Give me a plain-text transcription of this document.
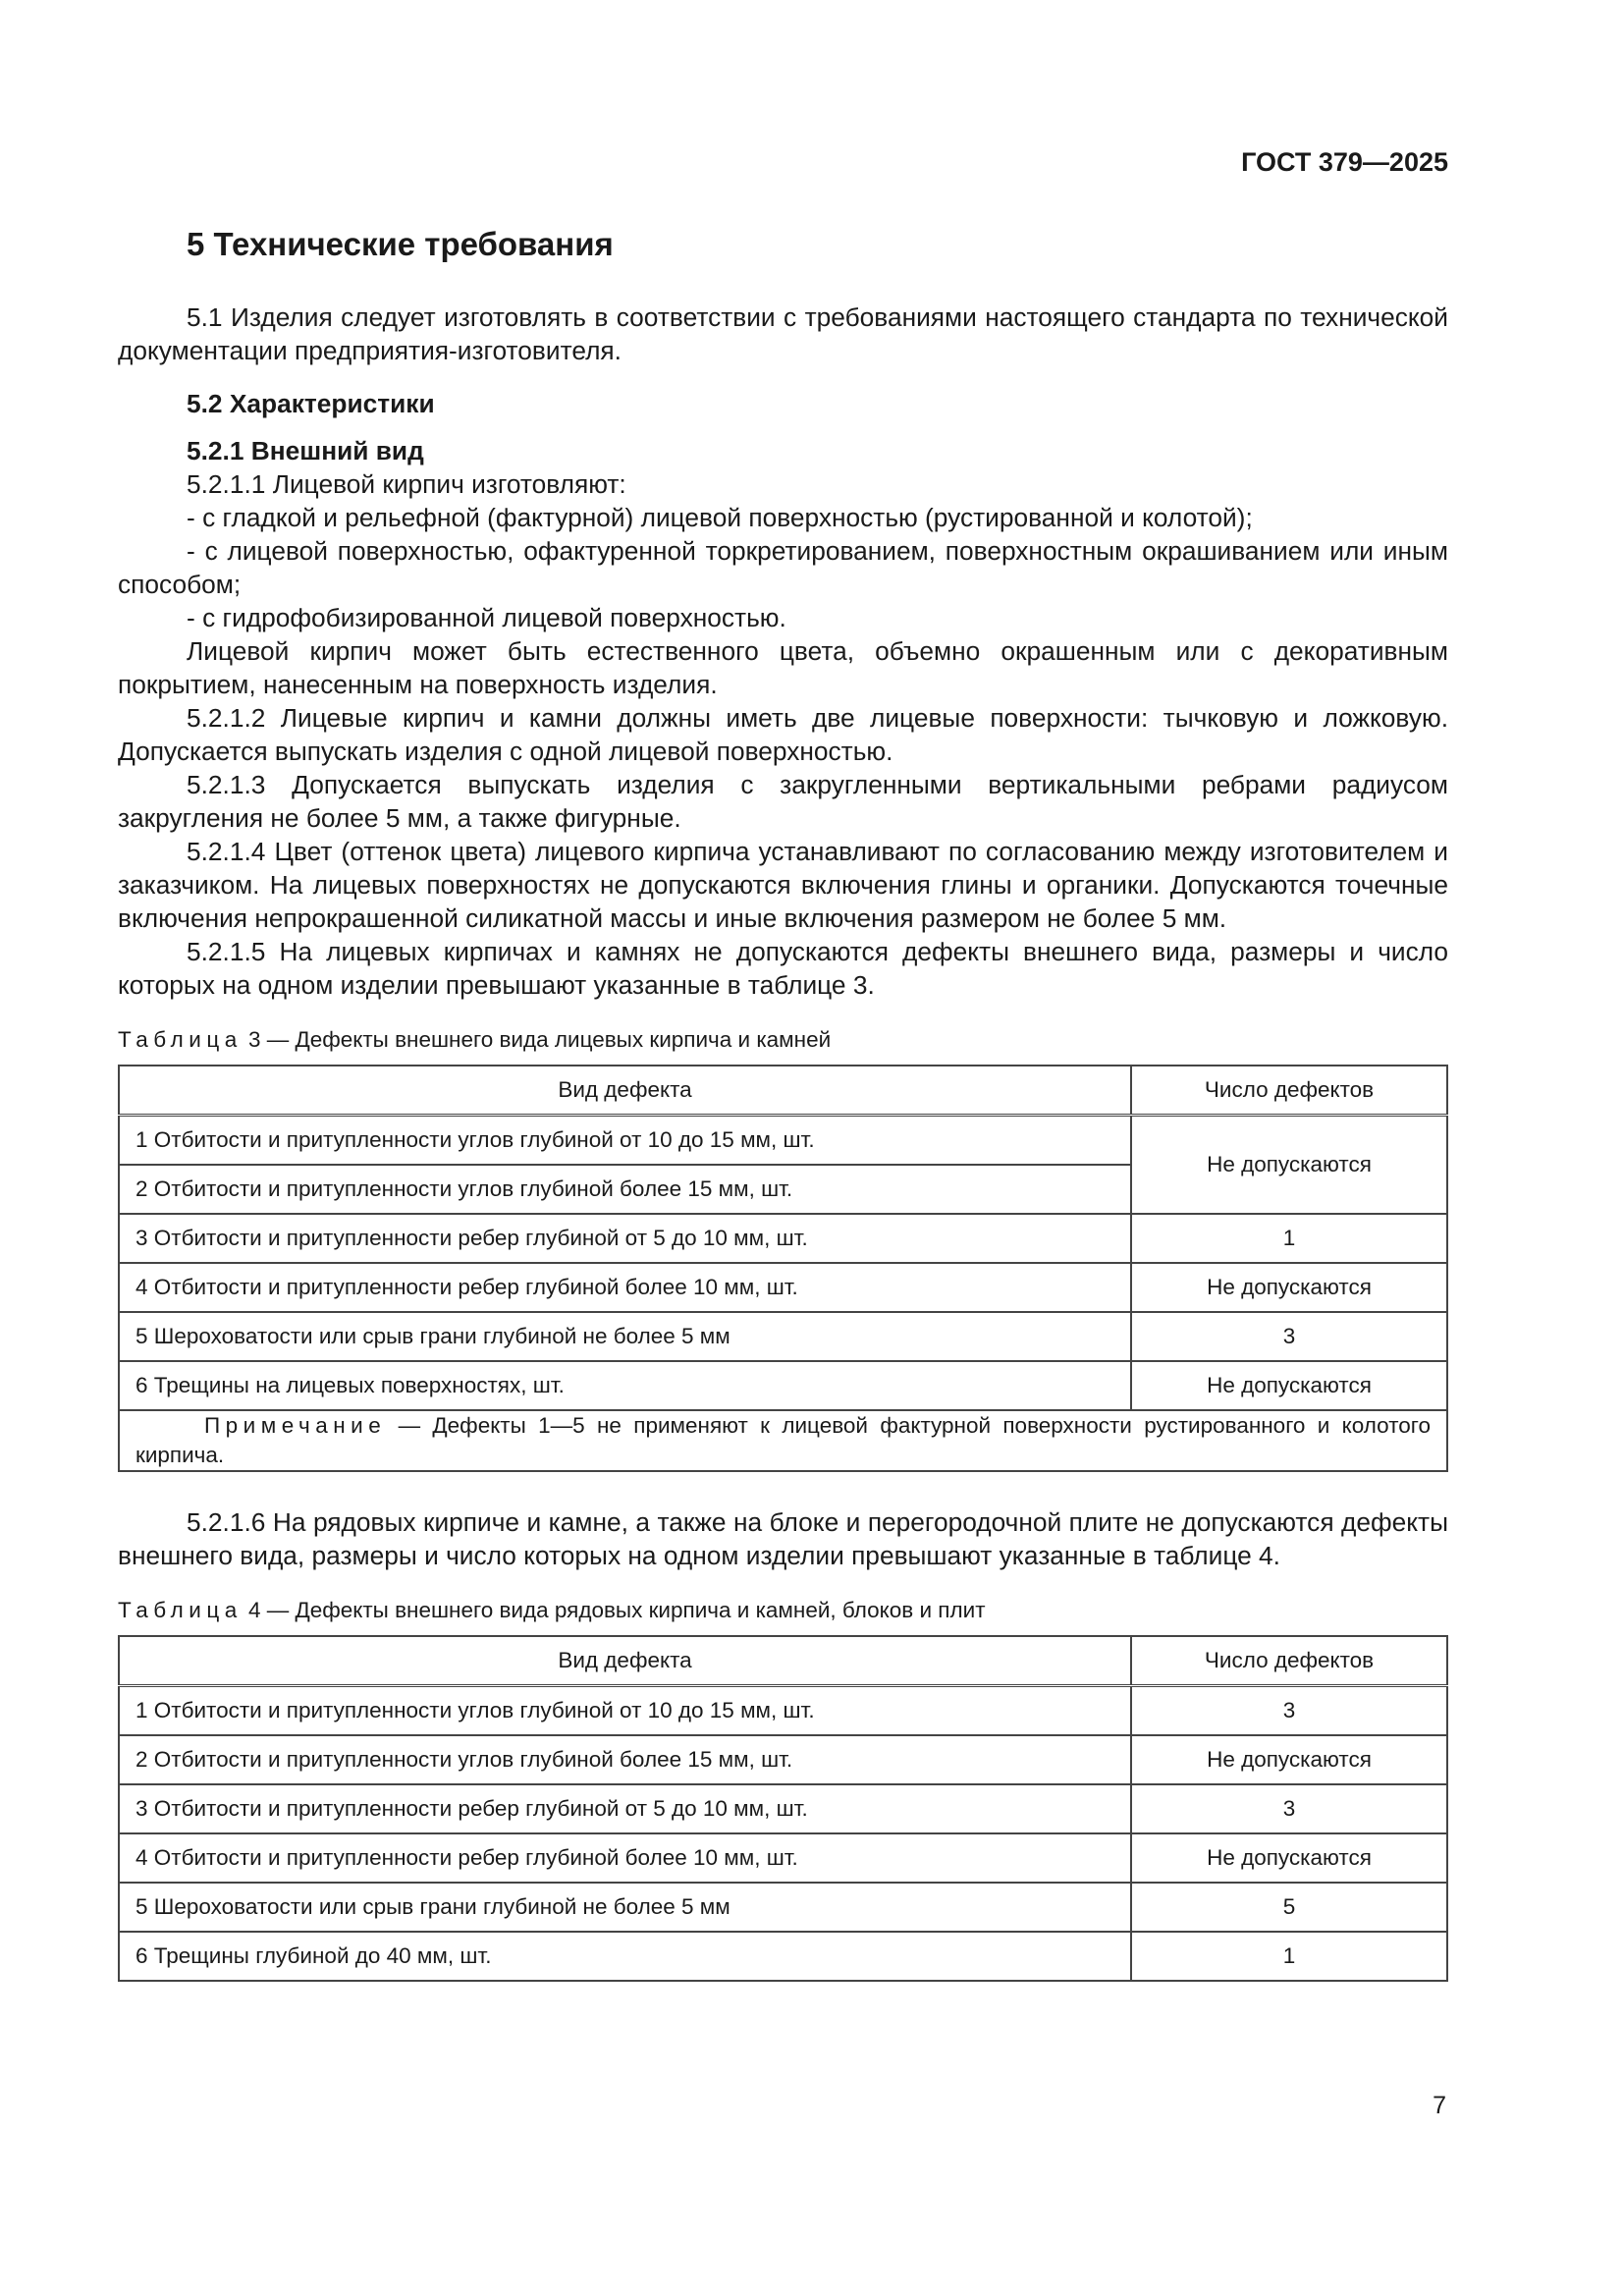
ГОСТ 379—2025
5 Технические требования

5.1 Изделия следует изготовлять в соответствии с требованиями настоящего стандарта по технической документации предприятия-изготовителя.

5.2 Характеристики
5.2.1 Внешний вид

5.2.1.1 Лицевой кирпич изготовляют:

- с гладкой и рельефной (фактурной) лицевой поверхностью (рустированной и колотой);

- с лицевой поверхностью, офактуренной торкретированием, поверхностным окрашиванием или иным способом;

- с гидрофобизированной лицевой поверхностью.

Лицевой кирпич может быть естественного цвета, объемно окрашенным или с декоративным покрытием, нанесенным на поверхность изделия.

5.2.1.2 Лицевые кирпич и камни должны иметь две лицевые поверхности: тычковую и ложковую. Допускается выпускать изделия с одной лицевой поверхностью.

5.2.1.3 Допускается выпускать изделия с закругленными вертикальными ребрами радиусом закругления не более 5 мм, а также фигурные.

5.2.1.4 Цвет (оттенок цвета) лицевого кирпича устанавливают по согласованию между изготовителем и заказчиком. На лицевых поверхностях не допускаются включения глины и органики. Допускаются точечные включения непрокрашенной силикатной массы и иные включения размером не более 5 мм.

5.2.1.5 На лицевых кирпичах и камнях не допускаются дефекты внешнего вида, размеры и число которых на одном изделии превышают указанные в таблице 3.

Таблица 3 — Дефекты внешнего вида лицевых кирпича и камней
Вид дефекта	Число дефектов
1 Отбитости и притупленности углов глубиной от 10 до 15 мм, шт.	Не допускаются
2 Отбитости и притупленности углов глубиной более 15 мм, шт.	
3 Отбитости и притупленности ребер глубиной от 5 до 10 мм, шт.	1
4 Отбитости и притупленности ребер глубиной более 10 мм, шт.	Не допускаются
5 Шероховатости или срыв грани глубиной не более 5 мм	3
6 Трещины на лицевых поверхностях, шт.	Не допускаются
Примечание — Дефекты 1—5 не применяют к лицевой фактурной поверхности рустированного и колотого кирпича.	

5.2.1.6 На рядовых кирпиче и камне, а также на блоке и перегородочной плите не допускаются дефекты внешнего вида, размеры и число которых на одном изделии превышают указанные в таблице 4.

Таблица 4 — Дефекты внешнего вида рядовых кирпича и камней, блоков и плит
Вид дефекта	Число дефектов
1 Отбитости и притупленности углов глубиной от 10 до 15 мм, шт.	3
2 Отбитости и притупленности углов глубиной более 15 мм, шт.	Не допускаются
3 Отбитости и притупленности ребер глубиной от 5 до 10 мм, шт.	3
4 Отбитости и притупленности ребер глубиной более 10 мм, шт.	Не допускаются
5 Шероховатости или срыв грани глубиной не более 5 мм	5
6 Трещины глубиной до 40 мм, шт.	1
7
